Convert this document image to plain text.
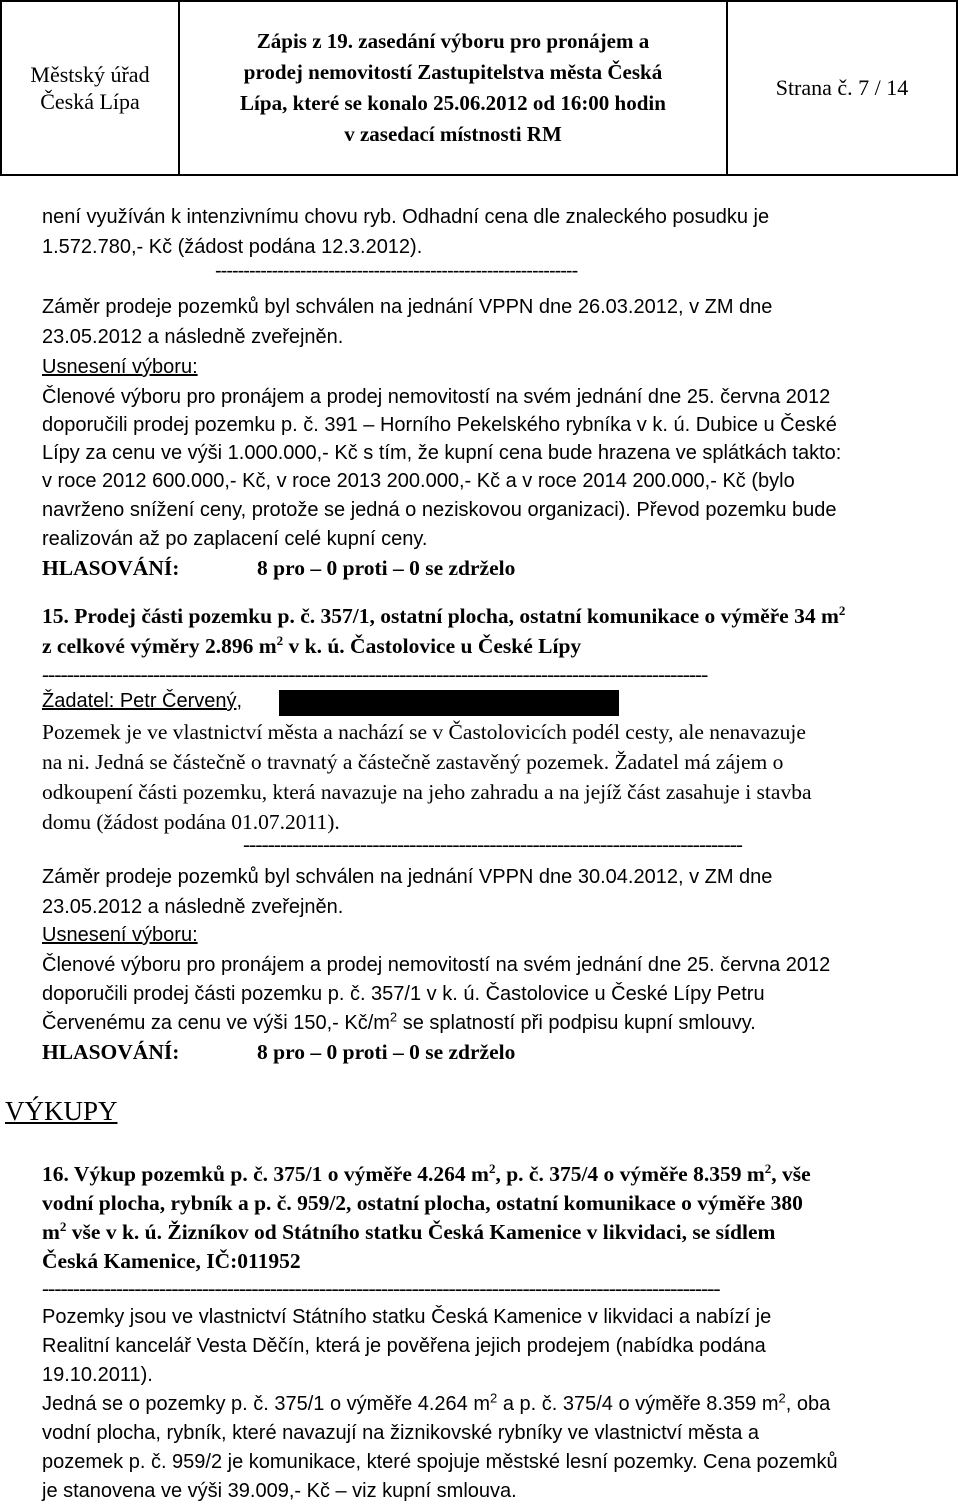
Městský úřad
Česká Lípa
Zápis z 19. zasedání výboru pro pronájem a
prodej nemovitostí Zastupitelstva města Česká
Lípa, které se konalo 25.06.2012 od 16:00 hodin
v zasedací místnosti RM
Strana č. 7 / 14
není využíván k intenzivnímu chovu ryb. Odhadní cena dle znaleckého posudku je
1.572.780,- Kč (žádost podána 12.3.2012).
----------------------------------------------------------------
Záměr prodeje pozemků byl schválen na jednání VPPN dne 26.03.2012, v ZM dne
23.05.2012 a následně zveřejněn.
Usnesení výboru:
Členové výboru pro pronájem a prodej nemovitostí na svém jednání dne 25. června 2012
doporučili prodej pozemku p. č. 391 – Horního Pekelského rybníka v k. ú. Dubice u České
Lípy za cenu ve výši 1.000.000,- Kč s tím, že kupní cena bude hrazena ve splátkách takto:
v roce 2012 600.000,- Kč, v roce 2013 200.000,- Kč a v roce 2014 200.000,- Kč (bylo
navrženo snížení ceny, protože se jedná o neziskovou organizaci). Převod pozemku bude
realizován až po zaplacení celé kupní ceny.
HLASOVÁNÍ:	8 pro – 0 proti – 0 se zdrželo
15. Prodej části pozemku p. č. 357/1, ostatní plocha, ostatní komunikace o výměře 34 $m^2$
z celkové výměry 2.896 $m^2$ v k. ú. Častolovice u České Lípy
------------------------------------------------------------------------------------------------------------
Žadatel: Petr Červený,
Pozemek je ve vlastnictví města a nachází se v Častolovicích podél cesty, ale nenavazuje
na ni. Jedná se částečně o travnatý a částečně zastavěný pozemek. Žadatel má zájem o
odkoupení části pozemku, která navazuje na jeho zahradu a na jejíž část zasahuje i stavba
domu (žádost podána 01.07.2011).
---------------------------------------------------------------------------------
Záměr prodeje pozemků byl schválen na jednání VPPN dne 30.04.2012, v ZM dne
23.05.2012 a následně zveřejněn.
Usnesení výboru:
Členové výboru pro pronájem a prodej nemovitostí na svém jednání dne 25. června 2012
doporučili prodej části pozemku p. č. 357/1 v k. ú. Častolovice u České Lípy Petru
Červenému za cenu ve výši 150,- $Kč/m^2$ se splatností při podpisu kupní smlouvy.
HLASOVÁNÍ:	8 pro – 0 proti – 0 se zdrželo
VÝKUPY
16. Výkup pozemků p. č. 375/1 o výměře 4.264 $m^2$, p. č. 375/4 o výměře 8.359 $m^2$, vše
vodní plocha, rybník a p. č. 959/2, ostatní plocha, ostatní komunikace o výměře 380
$m^2$ vše v k. ú. Žizníkov od Státního statku Česká Kamenice v likvidaci, se sídlem
Česká Kamenice, IČ:011952
--------------------------------------------------------------------------------------------------------------
Pozemky jsou ve vlastnictví Státního statku Česká Kamenice v likvidaci a nabízí je
Realitní kancelář Vesta Děčín, která je pověřena jejich prodejem (nabídka podána
19.10.2011).
Jedná se o pozemky p. č. 375/1 o výměře 4.264 $m^2$ a p. č. 375/4 o výměře 8.359 $m^2$, oba
vodní plocha, rybník, které navazují na žiznikovské rybníky ve vlastnictví města a
pozemek p. č. 959/2 je komunikace, které spojuje městské lesní pozemky. Cena pozemků
je stanovena ve výši 39.009,- Kč – viz kupní smlouva.
